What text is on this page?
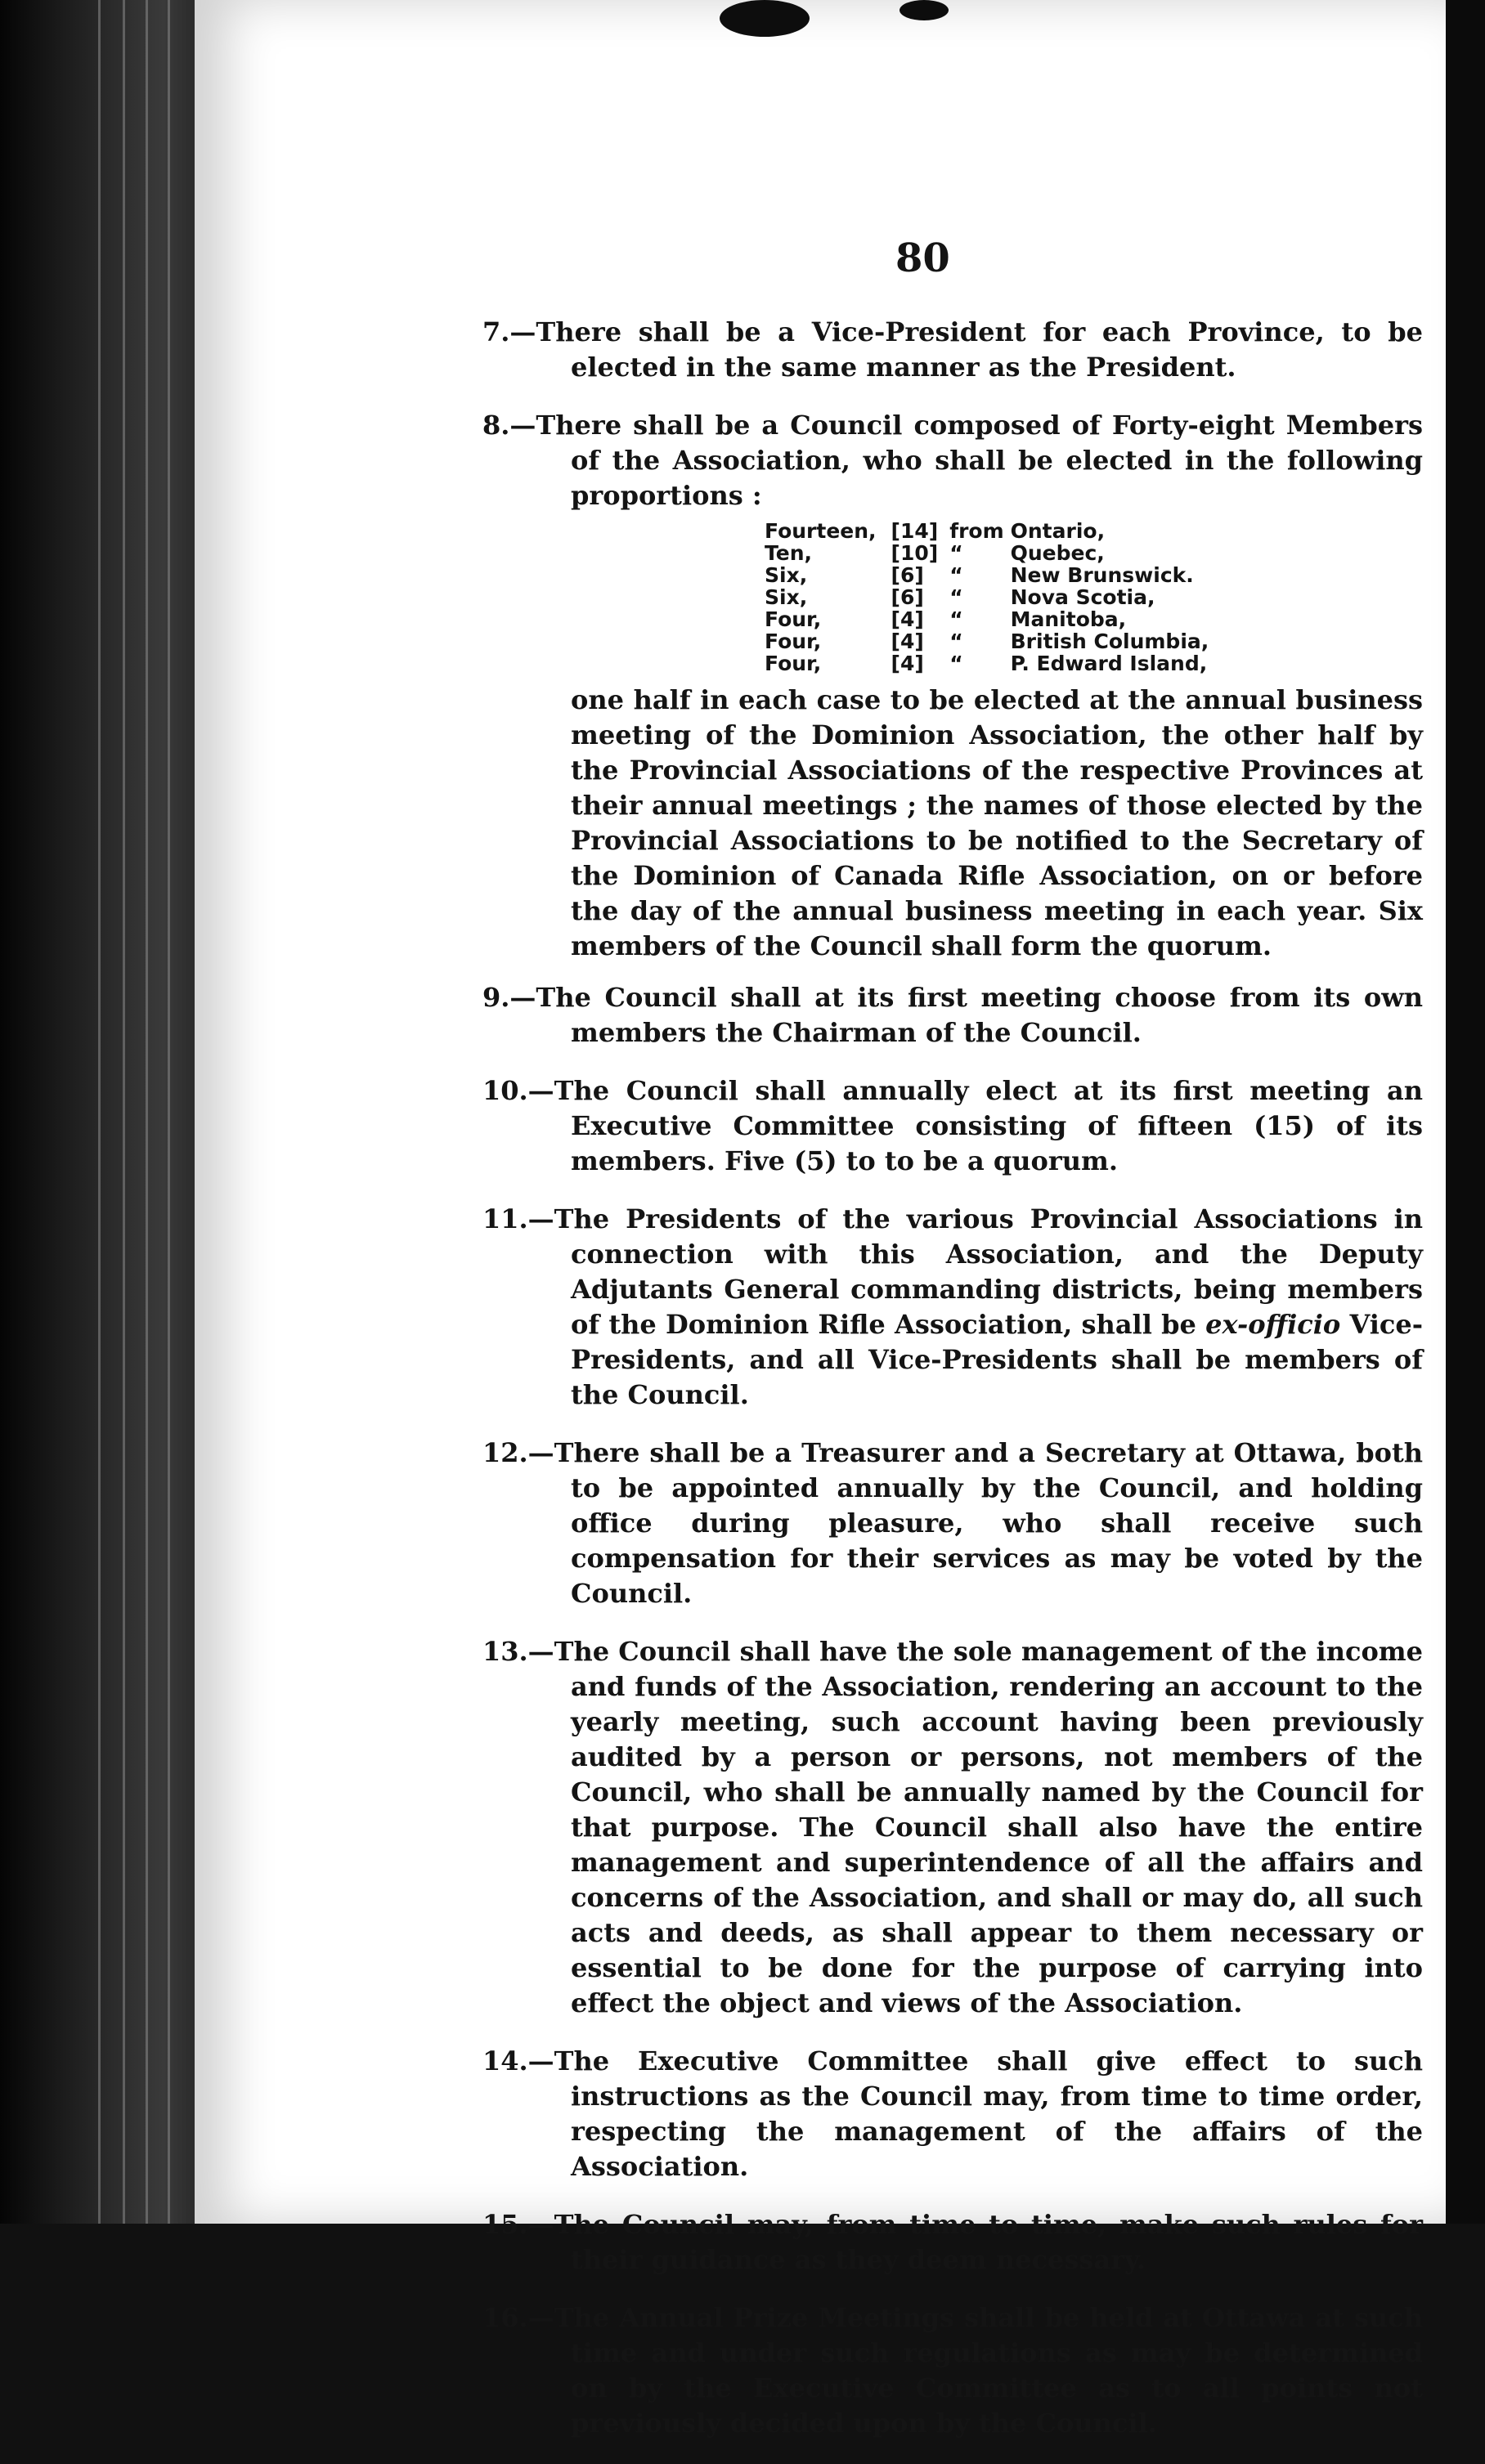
80

7.—There shall be a Vice-President for each Province, to be elected in the same manner as the President.

8.—There shall be a Council composed of Forty-eight Members of the Association, who shall be elected in the following proportions :

Fourteen,	[14]	from	Ontario,
Ten,	[10]	“	Quebec,
Six,	[6]	“	New Brunswick.
Six,	[6]	“	Nova Scotia,
Four,	[4]	“	Manitoba,
Four,	[4]	“	British Columbia,
Four,	[4]	“	P. Edward Island,

one half in each case to be elected at the annual business meeting of the Dominion Association, the other half by the Provincial Associations of the respective Provinces at their annual meetings ; the names of those elected by the Provincial Associations to be notified to the Secretary of the Dominion of Canada Rifle Association, on or before the day of the annual business meeting in each year. Six members of the Council shall form the quorum.

9.—The Council shall at its first meeting choose from its own members the Chairman of the Council.

10.—The Council shall annually elect at its first meeting an Executive Committee consisting of fifteen (15) of its members. Five (5) to to be a quorum.

11.—The Presidents of the various Provincial Associations in connection with this Association, and the Deputy Adjutants General commanding districts, being members of the Dominion Rifle Association, shall be ex-officio Vice-Presidents, and all Vice-Presidents shall be members of the Council.

12.—There shall be a Treasurer and a Secretary at Ottawa, both to be appointed annually by the Council, and holding office during pleasure, who shall receive such compensation for their services as may be voted by the Council.

13.—The Council shall have the sole management of the income and funds of the Association, rendering an account to the yearly meeting, such account having been previously audited by a person or persons, not members of the Council, who shall be annually named by the Council for that purpose. The Council shall also have the entire management and superintendence of all the affairs and concerns of the Association, and shall or may do, all such acts and deeds, as shall appear to them necessary or essential to be done for the purpose of carrying into effect the object and views of the Association.

14.—The Executive Committee shall give effect to such instructions as the Council may, from time to time order, respecting the management of the affairs of the Association.

15.—The Council may, from time to time, make such rules for their guidance as they deem necessary.

16.—The Annual Prize Meetings shall be held at Ottawa at such time and under such regulations as may be determined on by the Executive Committee as to all points not previously decided upon by the Council.
